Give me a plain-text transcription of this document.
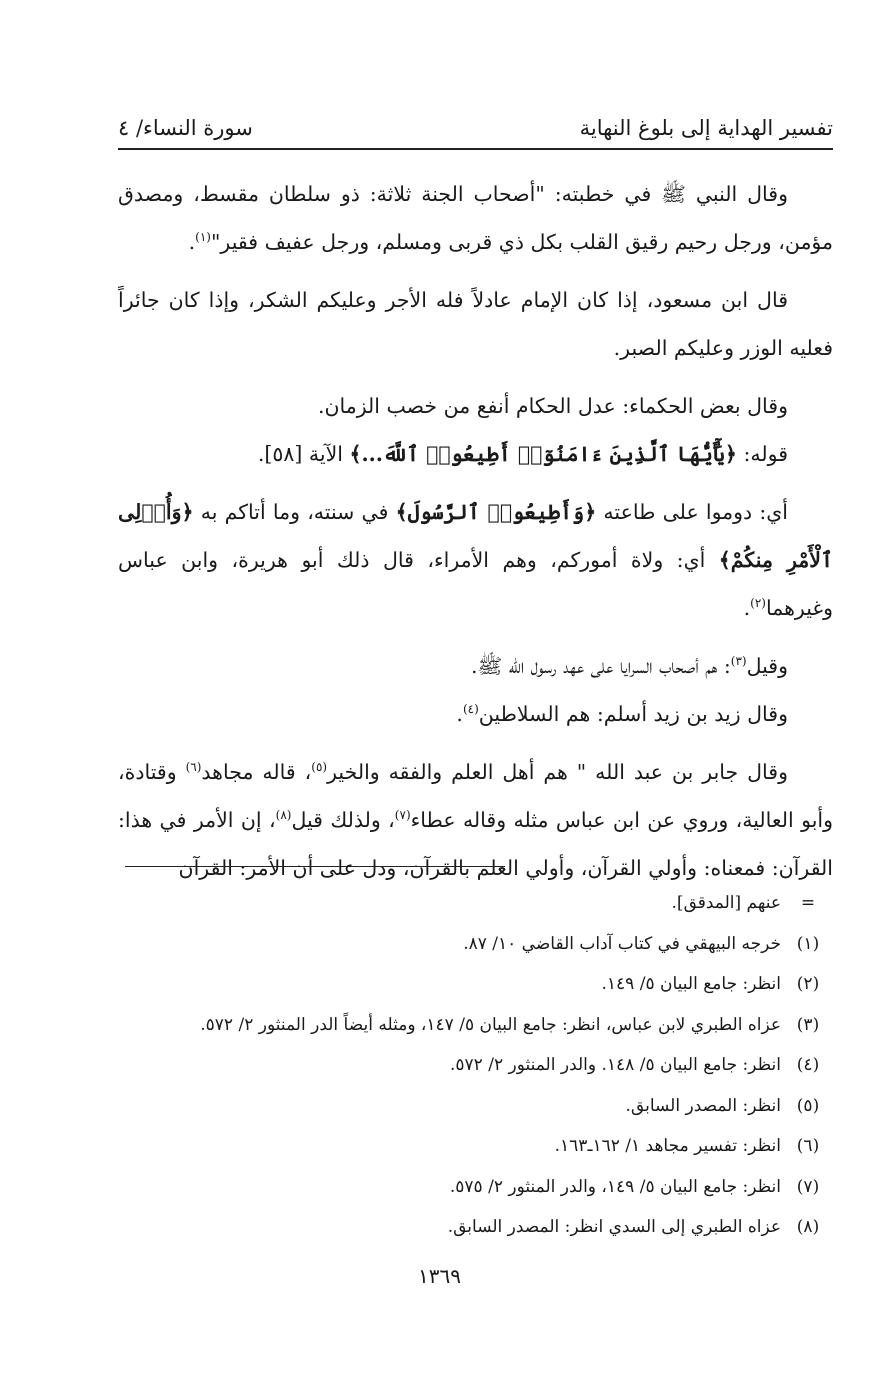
تفسير الهداية إلى بلوغ النهاية
سورة النساء/ ٤

وقال النبي ﷺ في خطبته: "أصحاب الجنة ثلاثة: ذو سلطان مقسط، ومصدق مؤمن، ورجل رحيم رقيق القلب بكل ذي قربى ومسلم، ورجل عفيف فقير"$^{(١)}$.

قال ابن مسعود، إذا كان الإمام عادلاً فله الأجر وعليكم الشكر، وإذا كان جائراً فعليه الوزر وعليكم الصبر.

وقال بعض الحكماء: عدل الحكام أنفع من خصب الزمان.

قوله: ﴿يَٰٓأَيُّهَا ٱلَّذِينَ ءَامَنُوٓا۟ أَطِيعُوا۟ ٱللَّهَ...﴾ الآية [٥٨].

أي: دوموا على طاعته ﴿وَأَطِيعُوا۟ ٱلرَّسُولَ﴾ في سنته، وما أتاكم به ﴿وَأُو۟لِى ٱلْأَمْرِ مِنكُمْ﴾ أي: ولاة أموركم، وهم الأمراء، قال ذلك أبو هريرة، وابن عباس وغيرهما$^{(٢)}$.

وقيل$^{(٣)}$: هم أصحاب السرايا على عهد رسول الله ﷺ.

وقال زيد بن زيد أسلم: هم السلاطين$^{(٤)}$.

وقال جابر بن عبد الله " هم أهل العلم والفقه والخير$^{(٥)}$، قاله مجاهد$^{(٦)}$ وقتادة، وأبو العالية، وروي عن ابن عباس مثله وقاله عطاء$^{(٧)}$، ولذلك قيل$^{(٨)}$، إن الأمر في هذا: القرآن: فمعناه: وأولي القرآن، وأولي العلم بالقرآن، ودل على أن الأمر: القرآن

=
عنهم [المدقق].
(١)
خرجه البيهقي في كتاب آداب القاضي ١٠/ ٨٧.
(٢)
انظر: جامع البيان ٥/ ١٤٩.
(٣)
عزاه الطبري لابن عباس، انظر: جامع البيان ٥/ ١٤٧، ومثله أيضاً الدر المنثور ٢/ ٥٧٢.
(٤)
انظر: جامع البيان ٥/ ١٤٨. والدر المنثور ٢/ ٥٧٢.
(٥)
انظر: المصدر السابق.
(٦)
انظر: تفسير مجاهد ١/ ١٦٢ـ١٦٣.
(٧)
انظر: جامع البيان ٥/ ١٤٩، والدر المنثور ٢/ ٥٧٥.
(٨)
عزاه الطبري إلى السدي انظر: المصدر السابق.
١٣٦٩
